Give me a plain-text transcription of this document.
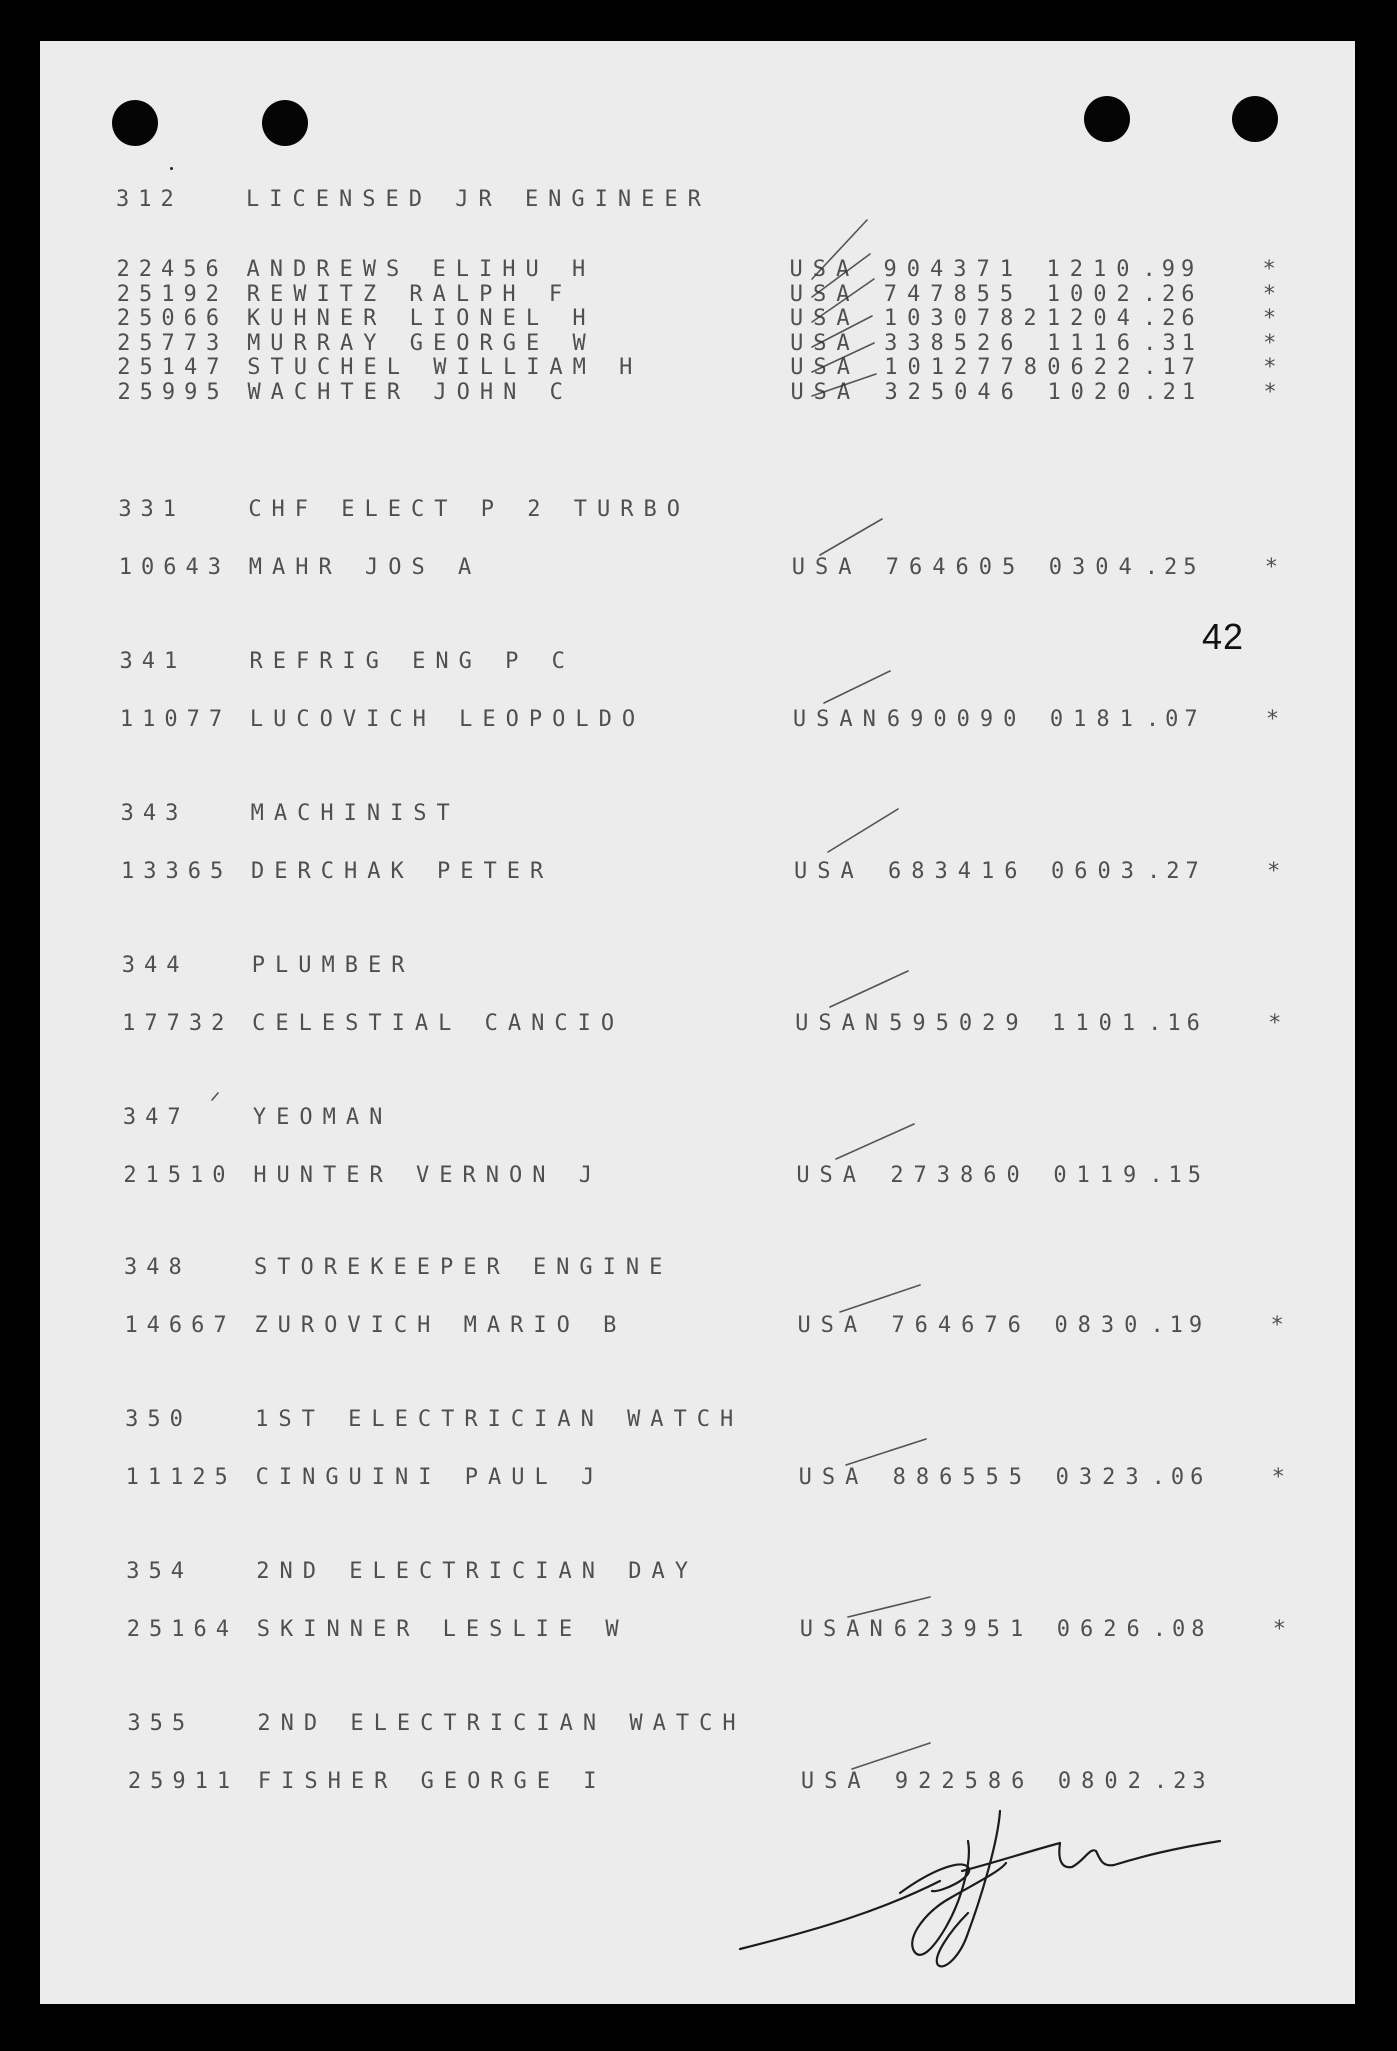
42
312	LICENSED JR ENGINEER
22456 ANDREWS ELIHU H	USA 904371 1210 .99	*
25192 REWITZ RALPH F	USA 747855 1002 .26	*
25066 KUHNER LIONEL H	USA 1030782 1204 .26	*
25773 MURRAY GEORGE W	USA 338526 1116 .31	*
25147 STUCHEL WILLIAM H	USA 1012778 0622 .17	*
25995 WACHTER JOHN C	USA 325046 1020 .21	*
331	CHF ELECT P 2 TURBO
10643 MAHR JOS A	USA 764605 0304 .25	*
341	REFRIG ENG P C
11077 LUCOVICH LEOPOLDO	USAN 690090 0181 .07	*
343	MACHINIST
13365 DERCHAK PETER	USA 683416 0603 .27	*
344	PLUMBER
17732 CELESTIAL CANCIO	USAN 595029 1101 .16	*
347	YEOMAN
21510 HUNTER VERNON J	USA 273860 0119 .15
348	STOREKEEPER ENGINE
14667 ZUROVICH MARIO B	USA 764676 0830 .19	*
350	1ST ELECTRICIAN WATCH
11125 CINGUINI PAUL J	USA 886555 0323 .06	*
354	2ND ELECTRICIAN DAY
25164 SKINNER LESLIE W	USAN 623951 0626 .08	*
355	2ND ELECTRICIAN WATCH
25911 FISHER GEORGE I	USA 922586 0802 .23
